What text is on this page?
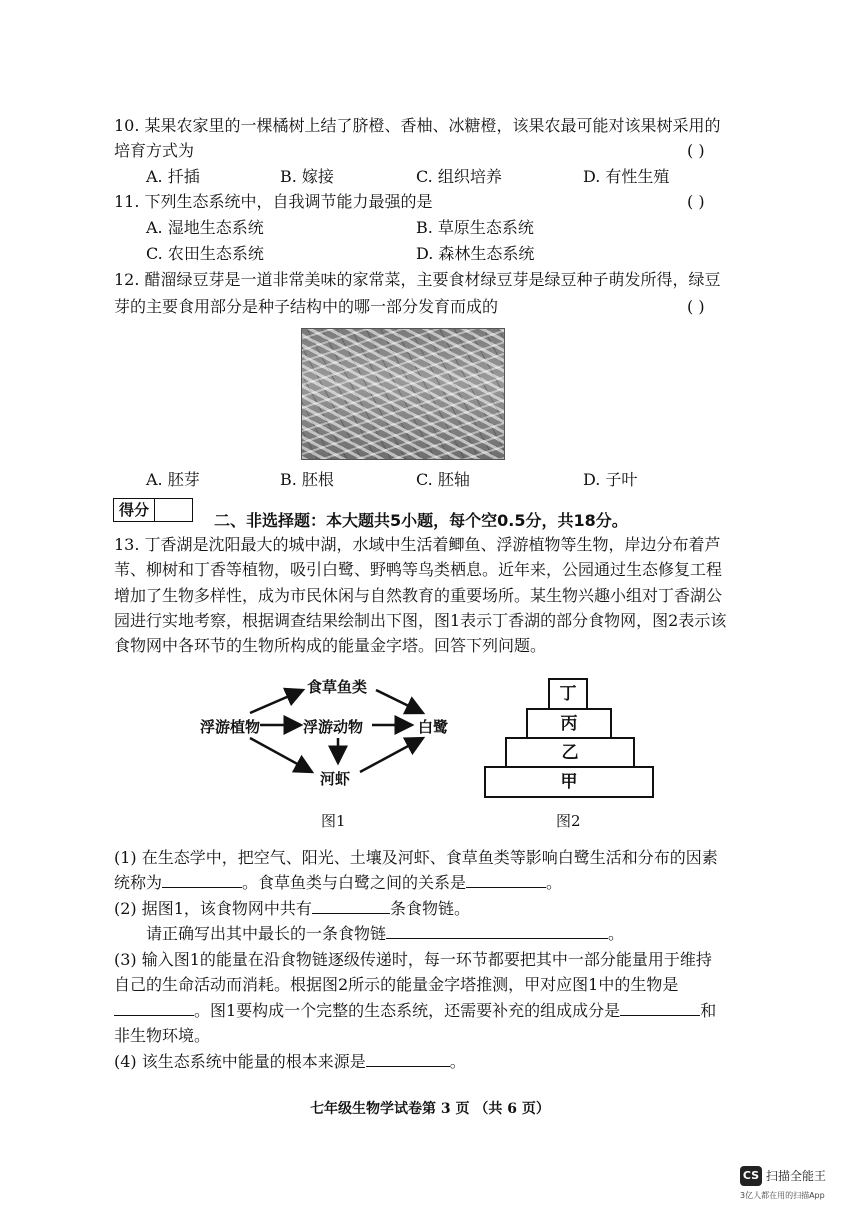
10. 某果农家里的一棵橘树上结了脐橙、香柚、冰糖橙，该果农最可能对该果树采用的
培育方式为	( )
A. 扦插	B. 嫁接	C. 组织培养	D. 有性生殖
11. 下列生态系统中，自我调节能力最强的是	( )
A. 湿地生态系统	B. 草原生态系统
C. 农田生态系统	D. 森林生态系统
12. 醋溜绿豆芽是一道非常美味的家常菜，主要食材绿豆芽是绿豆种子萌发所得，绿豆
芽的主要食用部分是种子结构中的哪一部分发育而成的	( )
A. 胚芽	B. 胚根	C. 胚轴	D. 子叶
得分
二、非选择题：本大题共5小题，每个空0.5分，共18分。
13. 丁香湖是沈阳最大的城中湖，水域中生活着鲫鱼、浮游植物等生物，岸边分布着芦
苇、柳树和丁香等植物，吸引白鹭、野鸭等鸟类栖息。近年来，公园通过生态修复工程
增加了生物多样性，成为市民休闲与自然教育的重要场所。某生物兴趣小组对丁香湖公
园进行实地考察，根据调查结果绘制出下图，图1表示丁香湖的部分食物网，图2表示该
食物网中各环节的生物所构成的能量金字塔。回答下列问题。
浮游植物	浮游动物
食草鱼类
河虾
白鹭
图1
丁
丙
乙
甲
图2
(1) 在生态学中，把空气、阳光、土壤及河虾、食草鱼类等影响白鹭生活和分布的因素
统称为	。食草鱼类与白鹭之间的关系是	。
(2) 据图1，该食物网中共有	条食物链。
请正确写出其中最长的一条食物链	。
(3) 输入图1的能量在沿食物链逐级传递时，每一环节都要把其中一部分能量用于维持
自己的生命活动而消耗。根据图2所示的能量金字塔推测，甲对应图1中的生物是
。图1要构成一个完整的生态系统，还需要补充的组成成分是	和
非生物环境。
(4) 该生态系统中能量的根本来源是	。
七年级生物学试卷第 3 页 （共 6 页）
CS 扫描全能王
3亿人都在用的扫描App
